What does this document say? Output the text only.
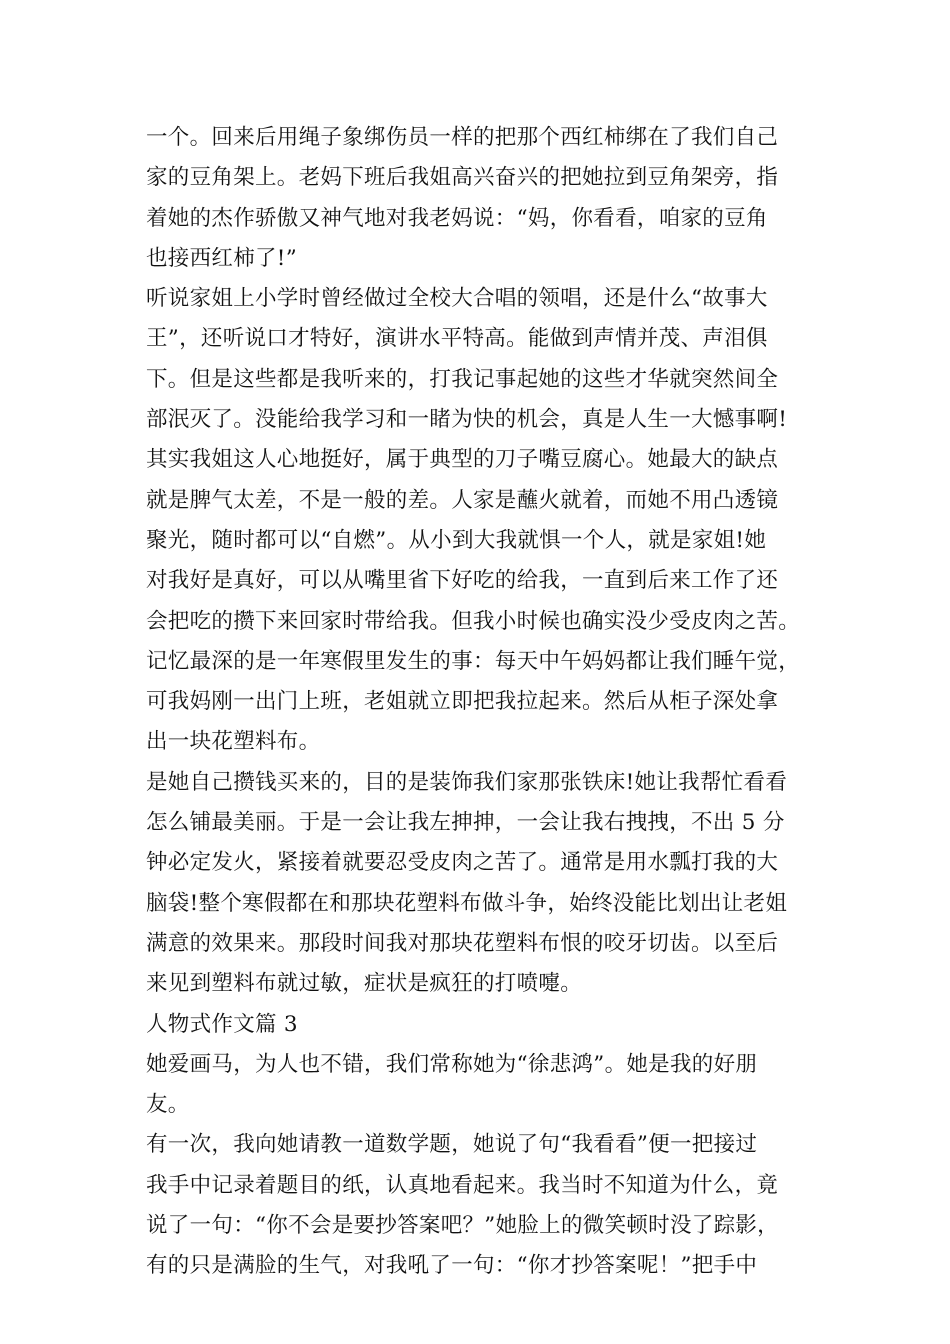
一个。回来后用绳子象绑伤员一样的把那个西红柿绑在了我们自己
家的豆角架上。老妈下班后我姐高兴奋兴的把她拉到豆角架旁，指
着她的杰作骄傲又神气地对我老妈说：“妈，你看看，咱家的豆角
也接西红柿了!”
听说家姐上小学时曾经做过全校大合唱的领唱，还是什么“故事大
王”，还听说口才特好，演讲水平特高。能做到声情并茂、声泪俱
下。但是这些都是我听来的，打我记事起她的这些才华就突然间全
部泯灭了。没能给我学习和一睹为快的机会，真是人生一大憾事啊!
其实我姐这人心地挺好，属于典型的刀子嘴豆腐心。她最大的缺点
就是脾气太差，不是一般的差。人家是蘸火就着，而她不用凸透镜
聚光，随时都可以“自燃”。从小到大我就惧一个人，就是家姐!她
对我好是真好，可以从嘴里省下好吃的给我，一直到后来工作了还
会把吃的攒下来回家时带给我。但我小时候也确实没少受皮肉之苦。
记忆最深的是一年寒假里发生的事：每天中午妈妈都让我们睡午觉，
可我妈刚一出门上班，老姐就立即把我拉起来。然后从柜子深处拿
出一块花塑料布。
是她自己攒钱买来的，目的是装饰我们家那张铁床!她让我帮忙看看
怎么铺最美丽。于是一会让我左抻抻，一会让我右拽拽，不出 5 分
钟必定发火，紧接着就要忍受皮肉之苦了。通常是用水瓢打我的大
脑袋!整个寒假都在和那块花塑料布做斗争，始终没能比划出让老姐
满意的效果来。那段时间我对那块花塑料布恨的咬牙切齿。以至后
来见到塑料布就过敏，症状是疯狂的打喷嚏。
人物式作文篇 3
她爱画马，为人也不错，我们常称她为“徐悲鸿”。她是我的好朋
友。
有一次，我向她请教一道数学题，她说了句“我看看”便一把接过
我手中记录着题目的纸，认真地看起来。我当时不知道为什么，竟
说了一句：“你不会是要抄答案吧？”她脸上的微笑顿时没了踪影，
有的只是满脸的生气，对我吼了一句：“你才抄答案呢！”把手中
